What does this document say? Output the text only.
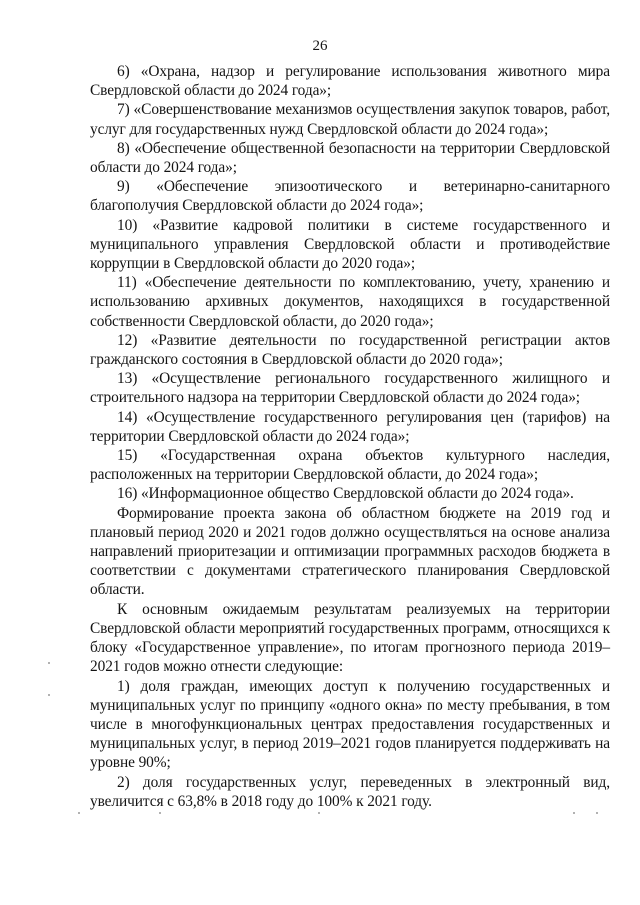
26

6) «Охрана, надзор и регулирование использования животного мира Свердловской области до 2024 года»;

7) «Совершенствование механизмов осуществления закупок товаров, работ, услуг для государственных нужд Свердловской области до 2024 года»;

8) «Обеспечение общественной безопасности на территории Свердловской области до 2024 года»;

9) «Обеспечение эпизоотического и ветеринарно-санитарного благополучия Свердловской области до 2024 года»;

10) «Развитие кадровой политики в системе государственного и муниципального управления Свердловской области и противодействие коррупции в Свердловской области до 2020 года»;

11) «Обеспечение деятельности по комплектованию, учету, хранению и использованию архивных документов, находящихся в государственной собственности Свердловской области, до 2020 года»;

12) «Развитие деятельности по государственной регистрации актов гражданского состояния в Свердловской области до 2020 года»;

13) «Осуществление регионального государственного жилищного и строительного надзора на территории Свердловской области до 2024 года»;

14) «Осуществление государственного регулирования цен (тарифов) на территории Свердловской области до 2024 года»;

15) «Государственная охрана объектов культурного наследия, расположенных на территории Свердловской области, до 2024 года»;

16) «Информационное общество Свердловской области до 2024 года».

Формирование проекта закона об областном бюджете на 2019 год и плановый период 2020 и 2021 годов должно осуществляться на основе анализа направлений приоритезации и оптимизации программных расходов бюджета в соответствии с документами стратегического планирования Свердловской области.

К основным ожидаемым результатам реализуемых на территории Свердловской области мероприятий государственных программ, относящихся к блоку «Государственное управление», по итогам прогнозного периода 2019–2021 годов можно отнести следующие:

1) доля граждан, имеющих доступ к получению государственных и муниципальных услуг по принципу «одного окна» по месту пребывания, в том числе в многофункциональных центрах предоставления государственных и муниципальных услуг, в период 2019–2021 годов планируется поддерживать на уровне 90%;

2) доля государственных услуг, переведенных в электронный вид, увеличится с 63,8% в 2018 году до 100% к 2021 году.
